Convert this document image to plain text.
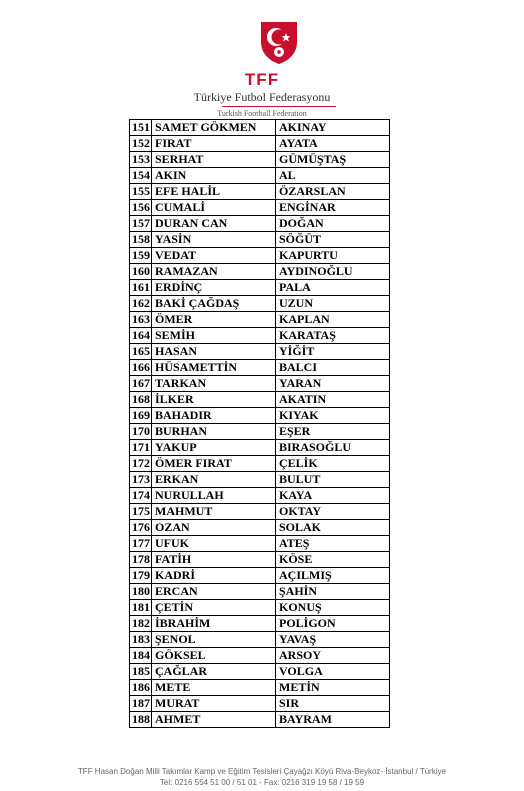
TFF
Türkiye Futbol Federasyonu
Turkish Football Federation
151	SAMET GÖKMEN	AKINAY
152	FIRAT	AYATA
153	SERHAT	GÜMÜŞTAŞ
154	AKIN	AL
155	EFE HALİL	ÖZARSLAN
156	CUMALİ	ENGİNAR
157	DURAN CAN	DOĞAN
158	YASİN	SÖĞÜT
159	VEDAT	KAPURTU
160	RAMAZAN	AYDINOĞLU
161	ERDİNÇ	PALA
162	BAKİ ÇAĞDAŞ	UZUN
163	ÖMER	KAPLAN
164	SEMİH	KARATAŞ
165	HASAN	YİĞİT
166	HÜSAMETTİN	BALCI
167	TARKAN	YARAN
168	İLKER	AKATIN
169	BAHADIR	KIYAK
170	BURHAN	EŞER
171	YAKUP	BIRASOĞLU
172	ÖMER FIRAT	ÇELİK
173	ERKAN	BULUT
174	NURULLAH	KAYA
175	MAHMUT	OKTAY
176	OZAN	SOLAK
177	UFUK	ATEŞ
178	FATİH	KÖSE
179	KADRİ	AÇILMIŞ
180	ERCAN	ŞAHİN
181	ÇETİN	KONUŞ
182	İBRAHİM	POLİGON
183	ŞENOL	YAVAŞ
184	GÖKSEL	ARSOY
185	ÇAĞLAR	VOLGA
186	METE	METİN
187	MURAT	SIR
188	AHMET	BAYRAM
TFF Hasan Doğan Milli Takımlar Kamp ve Eğitim Tesisleri Çayağzı Köyü Riva-Beykoz- İstanbul / Türkiye
Tel: 0216 554 51 00 / 51 01 - Fax: 0216 319 19 58 / 19 59
